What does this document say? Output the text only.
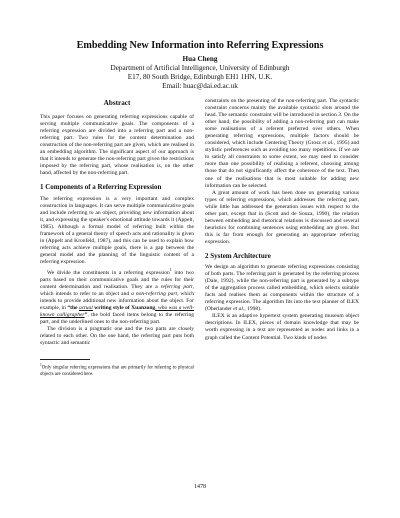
Embedding New Information into Referring Expressions
Hua Cheng
Department of Artificial Intelligence, University of Edinburgh
E17, 80 South Bridge, Edinburgh EH1 1HN, U.K.
Email: huac@dai.ed.ac.uk
Abstract

This paper focuses on generating referring expressions capable of serving multiple communicative goals. The components of a referring expression are divided into a referring part and a non-referring part. Two rules for the content determination and construction of the non-referring part are given, which are realised in an embedding algorithm. The significant aspect of our approach is that it intends to generate the non-referring part given the restrictions imposed by the referring part, whose realisation is, on the other hand, affected by the non-referring part.

1 Components of a Referring Expression

The referring expression is a very important and complex construction in languages. It can serve multiple communicative goals and include referring to an object, providing new information about it, and expressing the speaker's emotional attitude towards it (Appelt, 1985). Although a formal model of referring built within the framework of a general theory of speech acts and rationality is given in (Appelt and Kronfeld, 1987), and this can be used to explain how referring acts achieve multiple goals, there is a gap between the general model and the planning of the linguistic content of a referring expression.

We divide the constituents in a referring expression$^1$ into two parts based on their communicative goals and the rules for their content determination and realisation. They are a referring part, which intends to refer to an object and a non-referring part, which intends to provide additional new information about the object. For example, in “the actual writing style of Xuanzong, who was a well-known calligrapher”, the bold faced items belong to the referring part, and the underlined ones to the non-referring part.

The division is a pragmatic one and the two parts are closely related to each other. On the one hand, the referring part puts both syntactic and semantic

$^1$Only singular referring expressions that are primarily for referring to physical objects are considered here.

constraints on the presenting of the non-referring part. The syntactic constraint concerns mainly the available syntactic slots around the head. The semantic constraint will be introduced in section 3. On the other hand, the possibility of adding a non-referring part can make some realisations of a referent preferred over others. When generating referring expressions, multiple factors should be considered, which include Centering Theory (Grosz et al., 1995) and stylistic preferences such as avoiding too many repetitions. If we are to satisfy all constraints to some extent, we may need to consider more than one possibility of realising a referent, choosing among those that do not significantly affect the coherence of the text. Then one of the realisations that is most suitable for adding new information can be selected.

A great amount of work has been done on generating various types of referring expressions, which addresses the referring part, while little has addressed the generation issues with respect to the other part, except that in (Scott and de Souza, 1990), the relation between embedding and rhetorical relations is discussed and several heuristics for combining sentences using embedding are given. But this is far from enough for generating an appropriate referring expression.

2 System Architecture

We design an algorithm to generate referring expressions consisting of both parts. The referring part is generated by the referring process (Dale, 1992), while the non-referring part is generated by a subtype of the aggregation process called embedding, which selects suitable facts and realises them as components within the structure of a referring expression. The algorithm fits into the text planner of ILEX (Oberlander et al., 1998).

ILEX is an adaptive hypertext system generating museum object descriptions. In ILEX, pieces of domain knowledge that may be worth expressing in a text are represented as nodes and links in a graph called the Content Potential. Two kinds of nodes

1478
